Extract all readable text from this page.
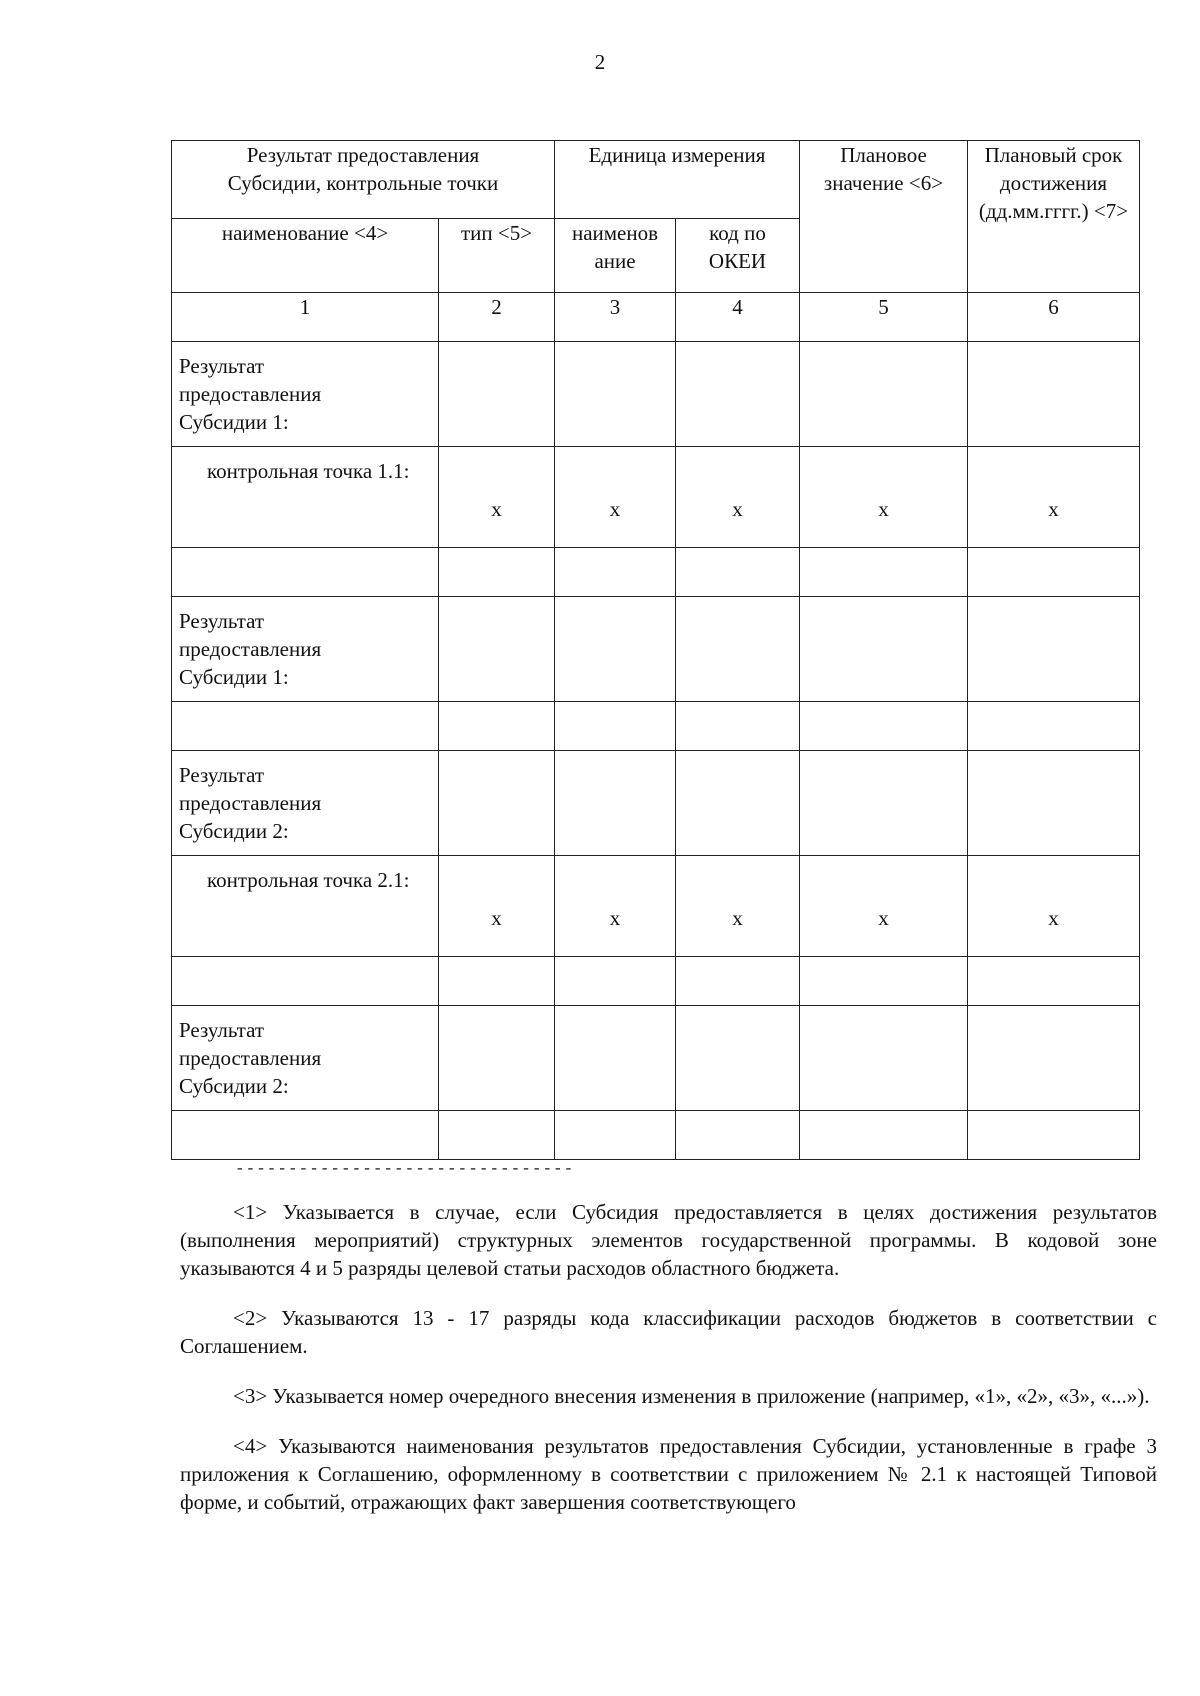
2
Результат предоставления Субсидии, контрольные точки		Единица измерения		Плановое значение <6>	Плановый срок достижения (дд.мм.гггг.) <7>
наименование <4>	тип <5>	наименов ание	код по ОКЕИ		
1	2	3	4	5	6

Результат предоставления Субсидии 1:					

контрольная точка 1.1:	x	x	x	x	x

Результат предоставления Субсидии 1:					

Результат предоставления Субсидии 2:					

контрольная точка 2.1:	x	x	x	x	x

Результат предоставления Субсидии 2:					

--------------------------------

<1> Указывается в случае, если Субсидия предоставляется в целях достижения результатов (выполнения мероприятий) структурных элементов государственной программы. В кодовой зоне указываются 4 и 5 разряды целевой статьи расходов областного бюджета.

<2> Указываются 13 - 17 разряды кода классификации расходов бюджетов в соответствии с Соглашением.

<3> Указывается номер очередного внесения изменения в приложение (например, «1», «2», «3», «...»).

<4> Указываются наименования результатов предоставления Субсидии, установленные в графе 3 приложения к Соглашению, оформленному в соответствии с приложением № 2.1 к настоящей Типовой форме, и событий, отражающих факт завершения соответствующего
